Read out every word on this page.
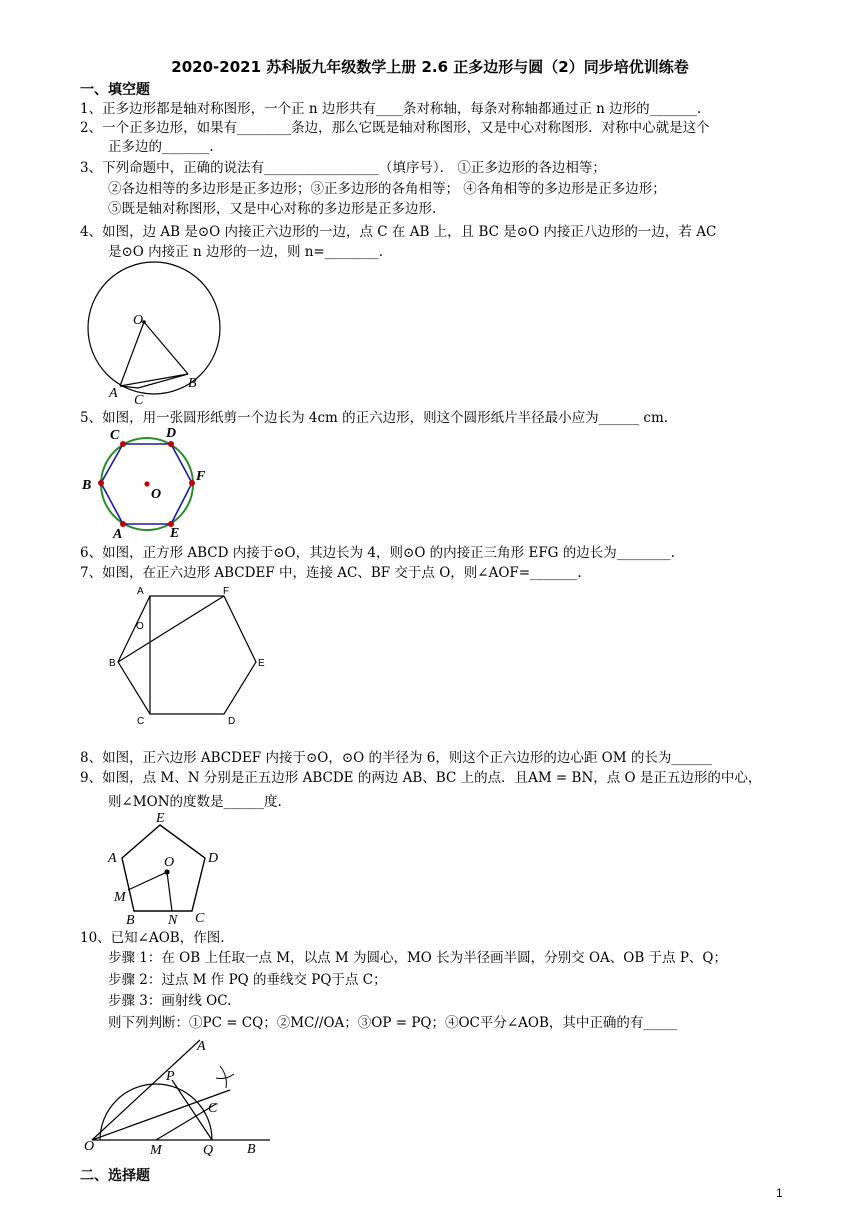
2020-2021 苏科版九年级数学上册 2.6 正多边形与圆（2）同步培优训练卷
一、填空题
1、正多边形都是轴对称图形，一个正 n 边形共有____条对称轴，每条对称轴都通过正 n 边形的_______.
2、一个正多边形，如果有________条边，那么它既是轴对称图形，又是中心对称图形．对称中心就是这个
正多边的_______.
3、下列命题中，正确的说法有_________________（填序号）． ①正多边形的各边相等；
②各边相等的多边形是正多边形；③正多边形的各角相等； ④各角相等的多边形是正多边形；
⑤既是轴对称图形，又是中心对称的多边形是正多边形.
4、如图，边 AB 是⊙O 内接正六边形的一边，点 C 在 AB 上，且 BC 是⊙O 内接正八边形的一边，若 AC
是⊙O 内接正 n 边形的一边，则 n=________.
O
A C
B
5、如图，用一张圆形纸剪一个边长为 4cm 的正六边形，则这个圆形纸片半径最小应为______ cm.
C	D
B
F
O
A	E
6、如图，正方形 ABCD 内接于⊙O，其边长为 4，则⊙O 的内接正三角形 EFG 的边长为________.
7、如图，在正六边形 ABCDEF 中，连接 AC、BF 交于点 O，则∠AOF=_______.
A	F
O
B	E
C	D
8、如图，正六边形 ABCDEF 内接于⊙O，⊙O 的半径为 6，则这个正六边形的边心距 OM 的长为______
9、如图，点 M、N 分别是正五边形 ABCDE 的两边 AB、BC 上的点．且AM = BN，点 O 是正五边形的中心，
则∠MON的度数是______度.
E
A	O D
M
B N C
10、已知∠AOB，作图.
步骤 1：在 OB 上任取一点 M，以点 M 为圆心，MO 长为半径画半圆，分别交 OA、OB 于点 P、Q；
步骤 2：过点 M 作 PQ 的垂线交 PQ于点 C；
步骤 3：画射线 OC.
则下列判断：①PC = CQ；②MC//OA；③OP = PQ；④OC平分∠AOB，其中正确的有_____
A
P
C
O	M	Q B
二、选择题
1
